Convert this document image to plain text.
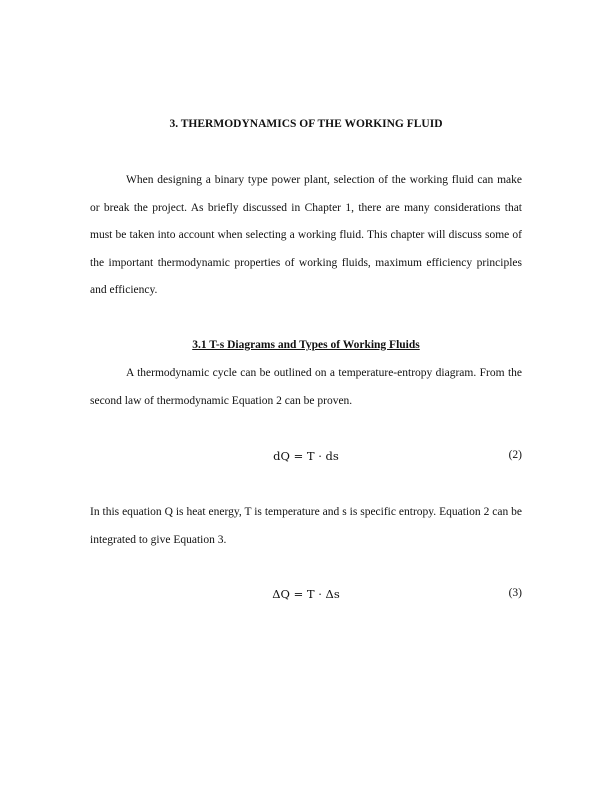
3. THERMODYNAMICS OF THE WORKING FLUID

When designing a binary type power plant, selection of the working fluid can make or break the project. As briefly discussed in Chapter 1, there are many considerations that must be taken into account when selecting a working fluid. This chapter will discuss some of the important thermodynamic properties of working fluids, maximum efficiency principles and efficiency.

3.1 T-s Diagrams and Types of Working Fluids

A thermodynamic cycle can be outlined on a temperature-entropy diagram. From the second law of thermodynamic Equation 2 can be proven.

dQ = T · ds	(2)

In this equation Q is heat energy, T is temperature and s is specific entropy. Equation 2 can be integrated to give Equation 3.

ΔQ = T · Δs	(3)
